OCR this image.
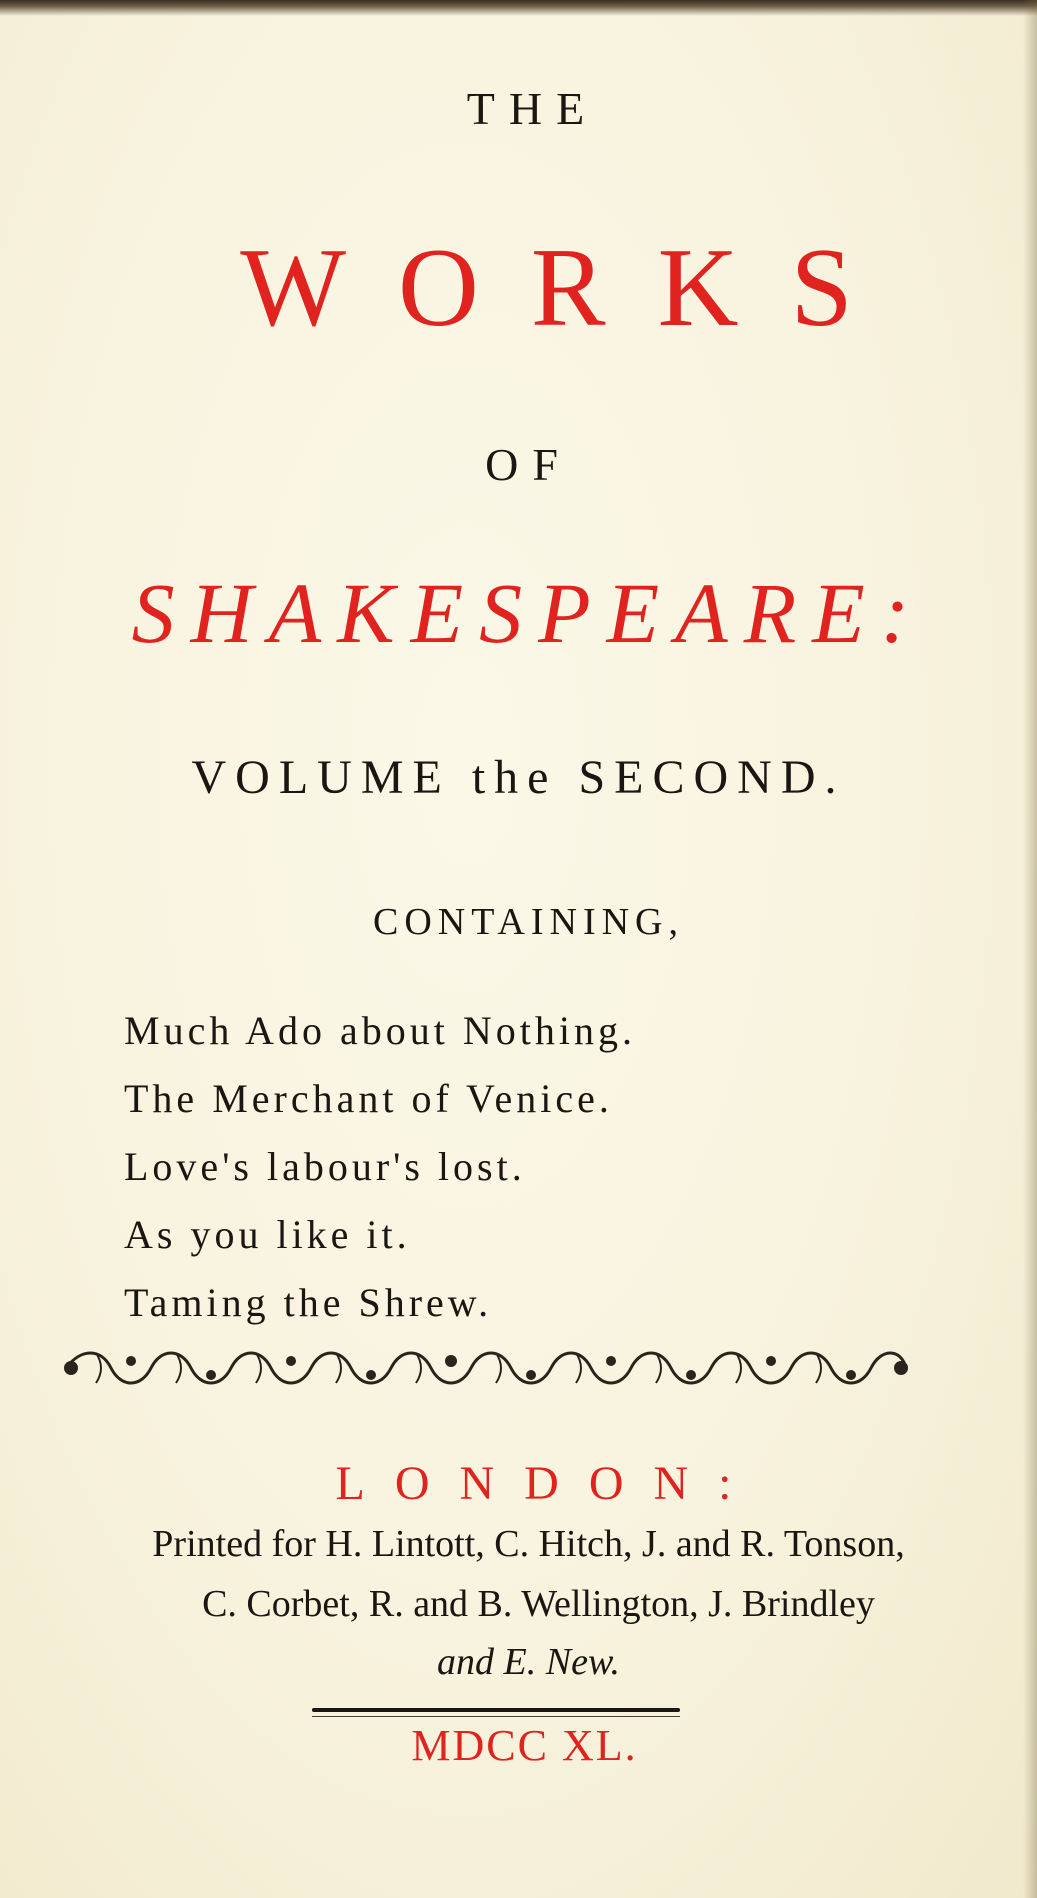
THE

WORKS

OF

SHAKESPEARE:

VOLUME the SECOND.

CONTAINING,

Much Ado about Nothing.
The Merchant of Venice.
Love's labour's lost.
As you like it.
Taming the Shrew.

LONDON:

Printed for H. Lintott, C. Hitch, J. and R. Tonson,

C. Corbet, R. and B. Wellington, J. Brindley

and E. New.

MDCC XL.
